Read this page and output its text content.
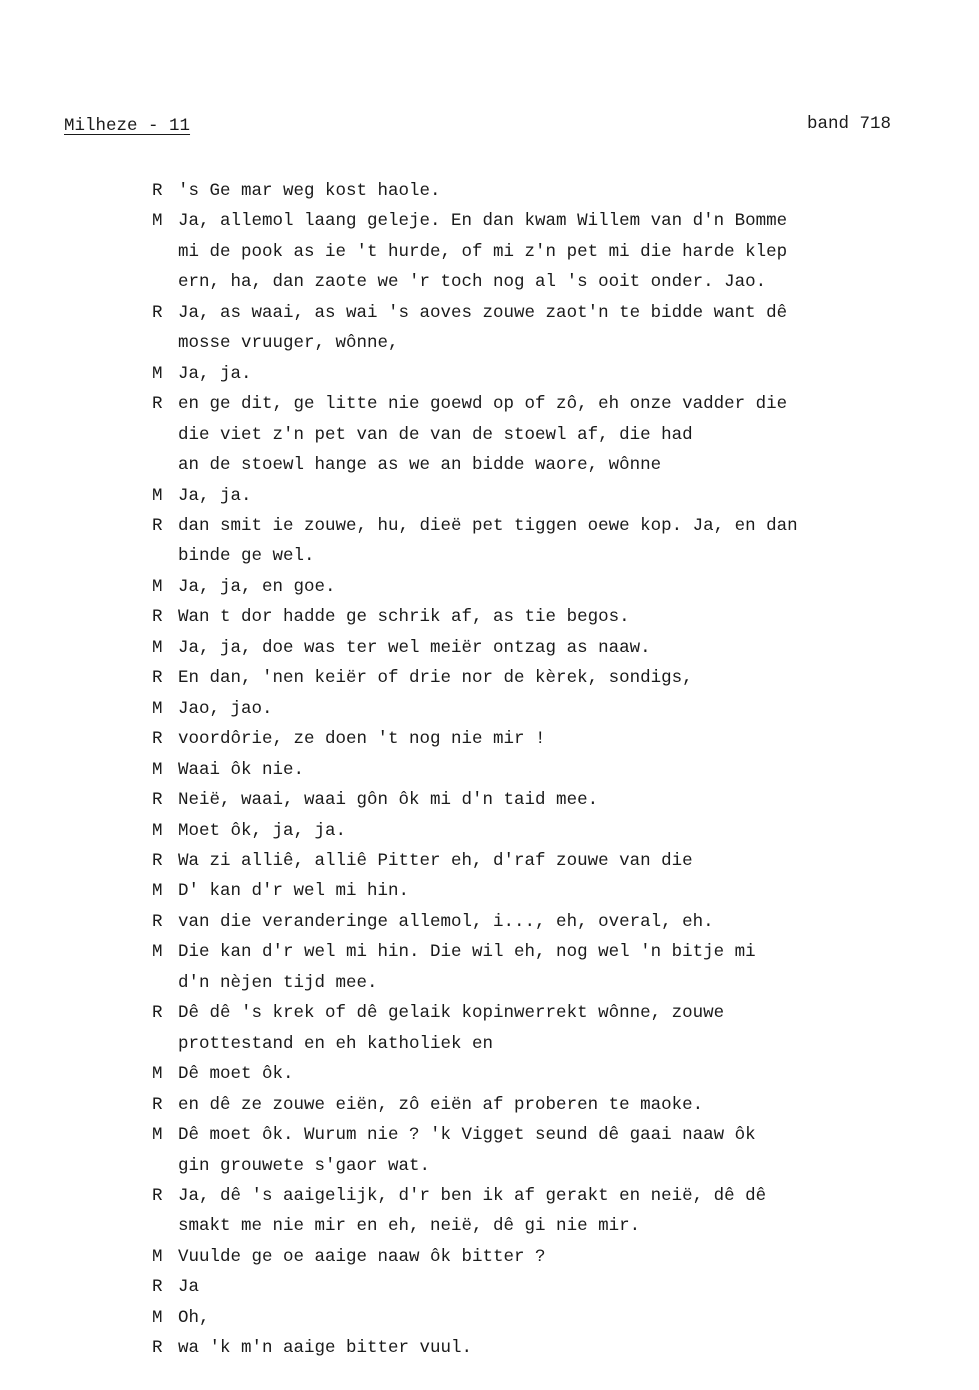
Milheze - 11	band 718
R 's Ge mar weg kost haole.
M Ja, allemol laang geleje. En dan kwam Willem van d'n Bomme
mi de pook as ie 't hurde, of mi z'n pet mi die harde klep
ern, ha, dan zaote we 'r toch nog al 's ooit onder. Jao.
R Ja, as waai, as wai 's aoves zouwe zaot'n te bidde want dê
mosse vruuger, wônne,
M Ja, ja.
R en ge dit, ge litte nie goewd op of zô, eh onze vadder die
die viet z'n pet van de van de stoewl af, die had
an de stoewl hange as we an bidde waore, wônne
M Ja, ja.
R dan smit ie zouwe, hu, dieë pet tiggen oewe kop. Ja, en dan
binde ge wel.
M Ja, ja, en goe.
R Wan t dor hadde ge schrik af, as tie begos.
M Ja, ja, doe was ter wel meiër ontzag as naaw.
R En dan, 'nen keiër of drie nor de kèrek, sondigs,
M Jao, jao.
R voordôrie, ze doen 't nog nie mir !
M Waai ôk nie.
R Neië, waai, waai gôn ôk mi d'n taid mee.
M Moet ôk, ja, ja.
R Wa zi alliê, alliê Pitter eh, d'raf zouwe van die
M D' kan d'r wel mi hin.
R van die veranderinge allemol, i..., eh, overal, eh.
M Die kan d'r wel mi hin. Die wil eh, nog wel 'n bitje mi
d'n nèjen tijd mee.
R Dê dê 's krek of dê gelaik kopinwerrekt wônne, zouwe
prottestand en eh katholiek en
M Dê moet ôk.
R en dê ze zouwe eiën, zô eiën af proberen te maoke.
M Dê moet ôk. Wurum nie ? 'k Vigget seund dê gaai naaw ôk
gin grouwete s'gaor wat.
R Ja, dê 's aaigelijk, d'r ben ik af gerakt en neië, dê dê
smakt me nie mir en eh, neië, dê gi nie mir.
M Vuulde ge oe aaige naaw ôk bitter ?
R Ja
M Oh,
R wa 'k m'n aaige bitter vuul.
